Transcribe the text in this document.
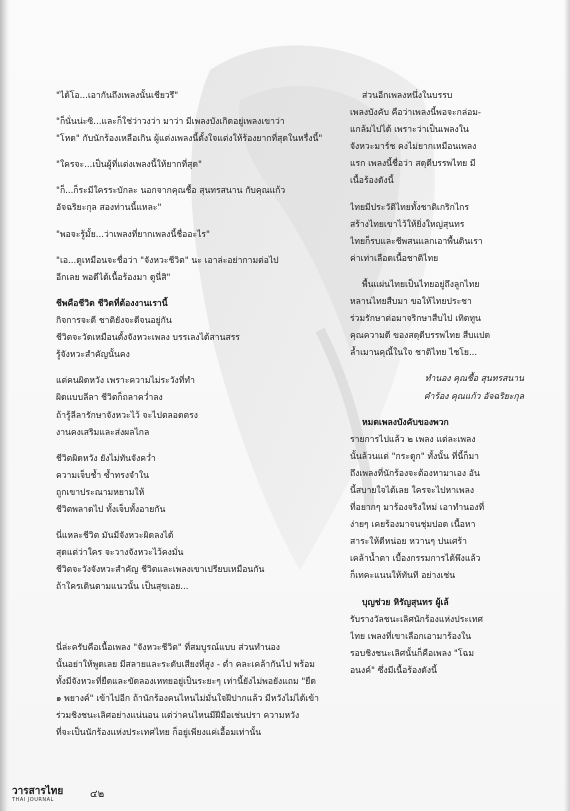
"ได้โอ...เอากันถึงเพลงนั้นเชียวรึ"

"ก็นั่นน่ะซิ...และก็ใช่ว่าวงว่า มาว่า มีเพลงบังเกิดอยู่เพลงเขาว่า

"โหด" กับนักร้องเหลือเกิน ผู้แต่งเพลงนี้ตั้งใจแต่งให้ร้องยากที่สุดในหรื่งนี้"

"ใครจะ...เป็นผู้ที่แต่งเพลงนี้ให้ยากที่สุด"

"ก็...ก็ระมีใครระบักละ นอกจากคุณชื้อ สุนทรสนาน กับคุณแก้ว

อัจฉริยะกุล สองท่านนี้แหละ"

"พอจะรู้มั้ย...ว่าเพลงที่ยากเพลงนี้ชื่ออะไร"

"เอ...ดูเหมือนจะชื่อว่า "จังหวะชีวิต" นะ เอาล่ะอย่ากามต่อไป

อีกเลย พอดีได้เนื้อร้องมา ดูนี่สิ"

ชีพคือชีวิต ชีวิตที่ต้องงานเรานี้

กิจการจะดี ชาติยังจะดีจนอยู่กัน

ชีวิตจะวัดเหมือนตั้งจังหวะเพลง บรรเลงได้สานสรร

รู้จังหวะสำคัญนั้นคง

แต่คนผิดหวัง เพราะความไม่ระวังที่ทำ

ผิดแบบลีลา ชีวิตก็ถลาคว่ำลง

ถ้ารู้ลีลารักษาจังหวะไว้ จะไปตลอดตรง

งานคงเสริมและส่งผลไกล

ชีวิตผิดหวัง ยังไม่ทันจังคว่ำ

ความเจ็บช้ำ ซ้ำทรงจำใน

ถูกเขาประณามหยามให้

ชีวิตพลาดไป ทั้งเจ็บทั้งอายกัน

นี่แหละชีวิต มันมีจังหวะผิดลงได้

สุดแต่ว่าใคร จะวางจังหวะไว้คงมั่น

ชีวิตจะวังจังหวะสำคัญ ชีวิตและเพลงเขาเปรียบเหมือนกัน

ถ้าใครเดินตามแนวนั้น เป็นสุขเอย...

นี่ล่ะครับคือเนื้อเพลง "จังหวะชีวิต" ที่สมบูรณ์แบบ ส่วนทำนอง

นั้นอย่าให้พูดเลย มีสลายและระดับเสียงที่สูง - ต่ำ คละเคล้ากันไป พร้อม

ทั้งมีจังหวะที่ยืดและขัดลองเหทยอยู่เป็นระยะๆ เท่านี้ยังไม่พอยังแถม "ยืด

๑ พยางค์" เข้าไปอีก ถ้านักร้องคนไหนไม่มั่นใจฝีปากแล้ว มีหวังไม่ได้เข้า

ร่วมชิงชนะเลิศอย่างแน่นอน แต่ว่าคนไหนมีฝีมือเช่นปรา ความหวัง

ที่จะเป็นนักร้องแห่งประเทศไทย ก็อยู่เพียงแค่เอื้อมเท่านั้น

ส่วนอีกเพลงหนึ่งในบรรบ

เพลงบังคับ คือว่าเพลงนี้พอจะกล่อม-

แกล้มไปได้ เพราะว่าเป็นเพลงใน

จังหวะมาร์ช คงไม่ยากเหมือนเพลง

แรก เพลงนี้ชื่อว่า สดุดีบรรพไทย มี

เนื้อร้องดังนี้

ไทยมีประวัติไทยทั้งชาติเกริกไกร

สร้างไทยเขาไว้ให้ยิ่งใหญ่สุนทร

ไทยก็รบและชีพสนแลกเอาพื้นดินเรา

ค่าเท่าเลือดเนื้อชาติไทย

พื้นแผ่นไทยเป็นไทยอยู่ถึงลูกไทย

หลานไทยสืบมา ขอให้ไทยประชา

ร่วมรักษาต่อมาจริกษาสืบไป เทิดทูน

คุณความดี ของสดุดีบรรพไทย สืบแปด

ล้ำเมานคุณี้ในใจ ชาติไทย ไชโย...

ทำนอง คุณชื้อ สุนทรสนาน

คำร้อง คุณแก้ว อัจฉริยะกุล

หมดเพลงบังคับของพวก

รายการไปแล้ว ๒ เพลง แต่ละเพลง

นั้นล้วนแต่ "กระดูก" ทั้งนั้น ที่นี้ก็มา

ถึงเพลงที่นักร้องจะต้องหามาเอง อัน

นี้สบายใจได้เลย ใครจะไปหาเพลง

ที่อยากๆ มาร้องจริงใหม่ เอาทำนองที่

ง่ายๆ เคยร้องมาจนชุ่มปอด เนื้อหา

สาระให้ดีหน่อย หวานๆ ปนเศร้า

เคล้าน้ำตา เบื้องกรรมการได้พึงแล้ว

ก็เทคะแนนให้ทันที อย่างเช่น

บุญช่วย หิรัญสุนทร ผู้เล้

รับรางวัลชนะเลิศนักร้องแห่งประเทศ

ไทย เพลงที่เขาเลือกเอามาร้องใน

รอบชิงชนะเลิศนั้นก็คือเพลง "โฉม

อนงค์" ซึ่งมีเนื้อร้องดังนี้

วารสารไทย
THAI JOURNAL	๔๒
